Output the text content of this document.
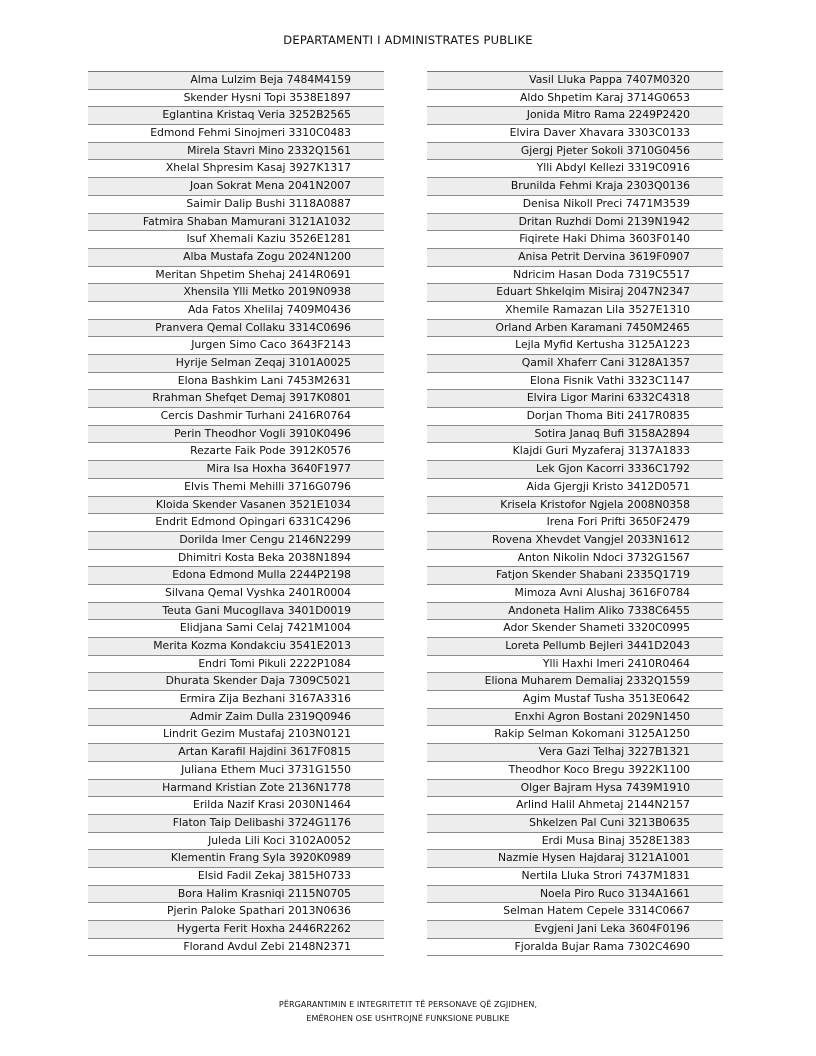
DEPARTAMENTI I ADMINISTRATES PUBLIKE
Alma Lulzim Beja 7484M4159
Skender Hysni Topi 3538E1897
Eglantina Kristaq Veria 3252B2565
Edmond Fehmi Sinojmeri 3310C0483
Mirela Stavri Mino 2332Q1561
Xhelal Shpresim Kasaj 3927K1317
Joan Sokrat Mena 2041N2007
Saimir Dalip Bushi 3118A0887
Fatmira Shaban Mamurani 3121A1032
Isuf Xhemali Kaziu 3526E1281
Alba Mustafa Zogu 2024N1200
Meritan Shpetim Shehaj 2414R0691
Xhensila Ylli Metko 2019N0938
Ada Fatos Xhelilaj 7409M0436
Pranvera Qemal Collaku 3314C0696
Jurgen Simo Caco 3643F2143
Hyrije Selman Zeqaj 3101A0025
Elona Bashkim Lani 7453M2631
Rrahman Shefqet Demaj 3917K0801
Cercis Dashmir Turhani 2416R0764
Perin Theodhor Vogli 3910K0496
Rezarte Faik Pode 3912K0576
Mira Isa Hoxha 3640F1977
Elvis Themi Mehilli 3716G0796
Kloida Skender Vasanen 3521E1034
Endrit Edmond Opingari 6331C4296
Dorilda Imer Cengu 2146N2299
Dhimitri Kosta Beka 2038N1894
Edona Edmond Mulla 2244P2198
Silvana Qemal Vyshka 2401R0004
Teuta Gani Mucogllava 3401D0019
Elidjana Sami Celaj 7421M1004
Merita Kozma Kondakciu 3541E2013
Endri Tomi Pikuli 2222P1084
Dhurata Skender Daja 7309C5021
Ermira Zija Bezhani 3167A3316
Admir Zaim Dulla 2319Q0946
Lindrit Gezim Mustafaj 2103N0121
Artan Karafil Hajdini 3617F0815
Juliana Ethem Muci 3731G1550
Harmand Kristian Zote 2136N1778
Erilda Nazif Krasi 2030N1464
Flaton Taip Delibashi 3724G1176
Juleda Lili Koci 3102A0052
Klementin Frang Syla 3920K0989
Elsid Fadil Zekaj 3815H0733
Bora Halim Krasniqi 2115N0705
Pjerin Paloke Spathari 2013N0636
Hygerta Ferit Hoxha 2446R2262
Florand Avdul Zebi 2148N2371
Vasil Lluka Pappa 7407M0320
Aldo Shpetim Karaj 3714G0653
Jonida Mitro Rama 2249P2420
Elvira Daver Xhavara 3303C0133
Gjergj Pjeter Sokoli 3710G0456
Ylli Abdyl Kellezi 3319C0916
Brunilda Fehmi Kraja 2303Q0136
Denisa Nikoll Preci 7471M3539
Dritan Ruzhdi Domi 2139N1942
Fiqirete Haki Dhima 3603F0140
Anisa Petrit Dervina 3619F0907
Ndricim Hasan Doda 7319C5517
Eduart Shkelqim Misiraj 2047N2347
Xhemile Ramazan Lila 3527E1310
Orland Arben Karamani 7450M2465
Lejla Myfid Kertusha 3125A1223
Qamil Xhaferr Cani 3128A1357
Elona Fisnik Vathi 3323C1147
Elvira Ligor Marini 6332C4318
Dorjan Thoma Biti 2417R0835
Sotira Janaq Bufi 3158A2894
Klajdi Guri Myzaferaj 3137A1833
Lek Gjon Kacorri 3336C1792
Aida Gjergji Kristo 3412D0571
Krisela Kristofor Ngjela 2008N0358
Irena Fori Prifti 3650F2479
Rovena Xhevdet Vangjel 2033N1612
Anton Nikolin Ndoci 3732G1567
Fatjon Skender Shabani 2335Q1719
Mimoza Avni Alushaj 3616F0784
Andoneta Halim Aliko 7338C6455
Ador Skender Shameti 3320C0995
Loreta Pellumb Bejleri 3441D2043
Ylli Haxhi Imeri 2410R0464
Eliona Muharem Demaliaj 2332Q1559
Agim Mustaf Tusha 3513E0642
Enxhi Agron Bostani 2029N1450
Rakip Selman Kokomani 3125A1250
Vera Gazi Telhaj 3227B1321
Theodhor Koco Bregu 3922K1100
Olger Bajram Hysa 7439M1910
Arlind Halil Ahmetaj 2144N2157
Shkelzen Pal Cuni 3213B0635
Erdi Musa Binaj 3528E1383
Nazmie Hysen Hajdaraj 3121A1001
Nertila Lluka Strori 7437M1831
Noela Piro Ruco 3134A1661
Selman Hatem Cepele 3314C0667
Evgjeni Jani Leka 3604F0196
Fjoralda Bujar Rama 7302C4690
PËRGARANTIMIN E INTEGRITETIT TË PERSONAVE QË ZGJIDHEN,
EMËROHEN OSE USHTROJNË FUNKSIONE PUBLIKE
